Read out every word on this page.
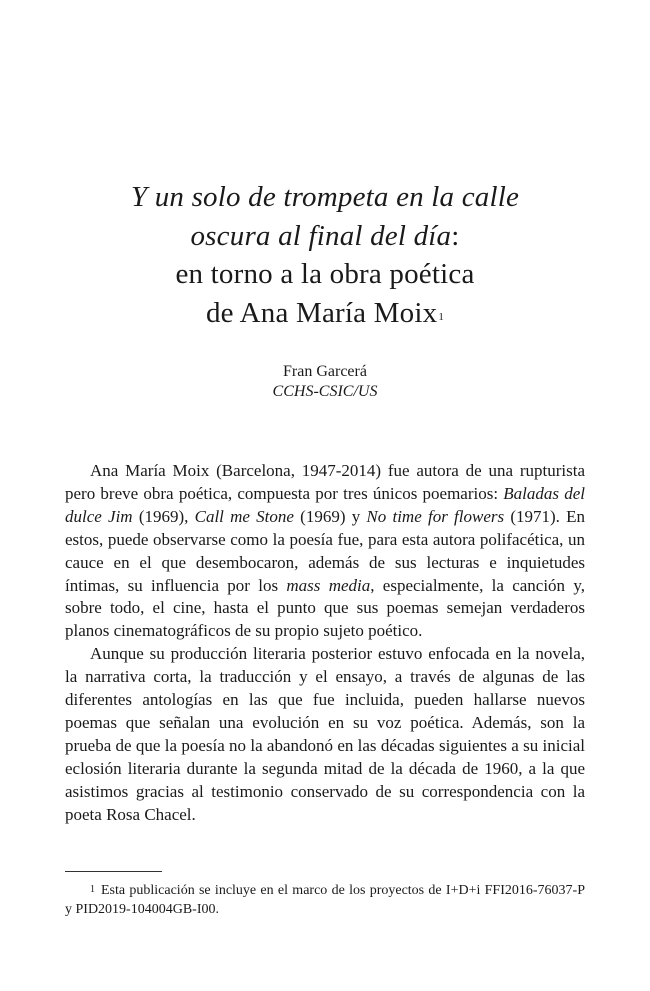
Y un solo de trompeta en la calle
oscura al final del día:
en torno a la obra poética
de Ana María Moix$^1$
Fran Garcerá
CCHS-CSIC/US

Ana María Moix (Barcelona, 1947-2014) fue autora de una rupturista pero breve obra poética, compuesta por tres únicos poemarios: Baladas del dulce Jim (1969), Call me Stone (1969) y No time for flowers (1971). En estos, puede observarse como la poesía fue, para esta autora polifacética, un cauce en el que desembocaron, además de sus lecturas e inquietudes íntimas, su influencia por los mass media, especialmente, la canción y, sobre todo, el cine, hasta el punto que sus poemas semejan verdaderos planos cinematográficos de su propio sujeto poético.

Aunque su producción literaria posterior estuvo enfocada en la novela, la narrativa corta, la traducción y el ensayo, a través de algunas de las diferentes antologías en las que fue incluida, pueden hallarse nuevos poemas que señalan una evolución en su voz poética. Además, son la prueba de que la poesía no la abandonó en las décadas siguientes a su inicial eclosión literaria durante la segunda mitad de la década de 1960, a la que asistimos gracias al testimonio conservado de su correspondencia con la poeta Rosa Chacel.

$^1$ Esta publicación se incluye en el marco de los proyectos de I+D+i FFI2016-76037-P y PID2019-104004GB-I00.
